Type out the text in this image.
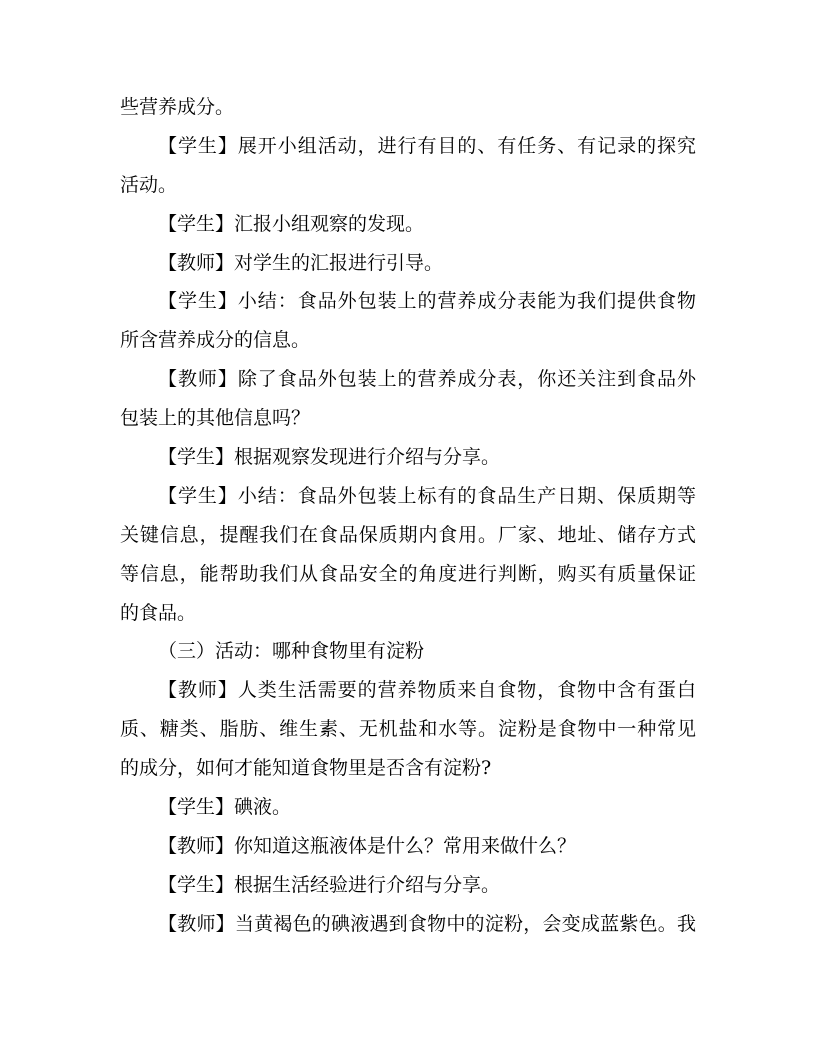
些营养成分。
【学生】展开小组活动，进行有目的、有任务、有记录的探究
活动。
【学生】汇报小组观察的发现。
【教师】对学生的汇报进行引导。
【学生】小结：食品外包装上的营养成分表能为我们提供食物
所含营养成分的信息。
【教师】除了食品外包装上的营养成分表，你还关注到食品外
包装上的其他信息吗？
【学生】根据观察发现进行介绍与分享。
【学生】小结：食品外包装上标有的食品生产日期、保质期等
关键信息，提醒我们在食品保质期内食用。厂家、地址、储存方式
等信息，能帮助我们从食品安全的角度进行判断，购买有质量保证
的食品。
（三）活动：哪种食物里有淀粉
【教师】人类生活需要的营养物质来自食物，食物中含有蛋白
质、糖类、脂肪、维生素、无机盐和水等。淀粉是食物中一种常见
的成分，如何才能知道食物里是否含有淀粉?
【学生】碘液。
【教师】你知道这瓶液体是什么？常用来做什么？
【学生】根据生活经验进行介绍与分享。
【教师】当黄褐色的碘液遇到食物中的淀粉，会变成蓝紫色。我
